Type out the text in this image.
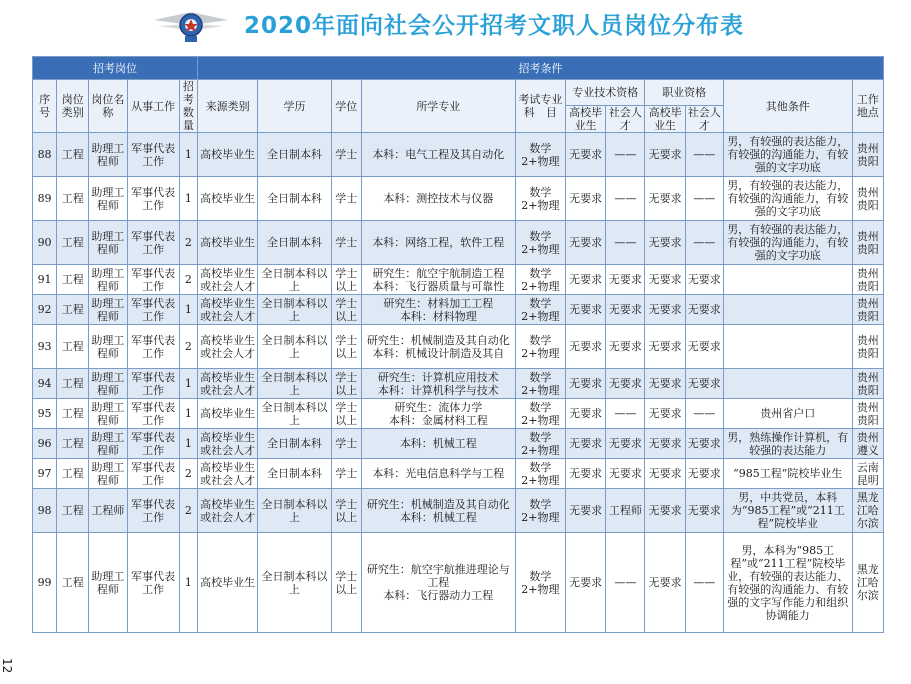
2020年面向社会公开招考文职人员岗位分布表
招考岗位					招考条件										
序号	岗位类别	岗位名称	从事工作	招考数量	来源类别	学历	学位	所学专业	考试专业科　目	专业技术资格		职业资格		其他条件	工作地点
										高校毕业生	社会人才	高校毕业生	社会人才		
88	工程	助理工程师	军事代表工作	1	高校毕业生	全日制本科	学士	本科：电气工程及其自动化	数学2+物理	无要求	——	无要求	——	男，有较强的表达能力，有较强的沟通能力，有较强的文字功底	贵州贵阳
89	工程	助理工程师	军事代表工作	1	高校毕业生	全日制本科	学士	本科：测控技术与仪器	数学2+物理	无要求	——	无要求	——	男，有较强的表达能力，有较强的沟通能力，有较强的文字功底	贵州贵阳
90	工程	助理工程师	军事代表工作	2	高校毕业生	全日制本科	学士	本科：网络工程，软件工程	数学2+物理	无要求	——	无要求	——	男，有较强的表达能力，有较强的沟通能力，有较强的文字功底	贵州贵阳
91	工程	助理工程师	军事代表工作	2	高校毕业生或社会人才	全日制本科以上	学士以上	研究生：航空宇航制造工程
本科：飞行器质量与可靠性	数学2+物理	无要求	无要求	无要求	无要求		贵州贵阳
92	工程	助理工程师	军事代表工作	1	高校毕业生或社会人才	全日制本科以上	学士以上	研究生：材料加工工程
本科：材料物理	数学2+物理	无要求	无要求	无要求	无要求		贵州贵阳
93	工程	助理工程师	军事代表工作	2	高校毕业生或社会人才	全日制本科以上	学士以上	研究生：机械制造及其自动化
本科：机械设计制造及其自	数学2+物理	无要求	无要求	无要求	无要求		贵州贵阳
94	工程	助理工程师	军事代表工作	1	高校毕业生或社会人才	全日制本科以上	学士以上	研究生：计算机应用技术
本科：计算机科学与技术	数学2+物理	无要求	无要求	无要求	无要求		贵州贵阳
95	工程	助理工程师	军事代表工作	1	高校毕业生	全日制本科以上	学士以上	研究生：流体力学
本科：金属材料工程	数学2+物理	无要求	——	无要求	——	贵州省户口	贵州贵阳
96	工程	助理工程师	军事代表工作	1	高校毕业生或社会人才	全日制本科	学士	本科：机械工程	数学2+物理	无要求	无要求	无要求	无要求	男，熟练操作计算机，有较强的表达能力	贵州遵义
97	工程	助理工程师	军事代表工作	2	高校毕业生或社会人才	全日制本科	学士	本科：光电信息科学与工程	数学2+物理	无要求	无要求	无要求	无要求	“985工程”院校毕业生	云南昆明
98	工程	工程师	军事代表工作	2	高校毕业生或社会人才	全日制本科以上	学士以上	研究生：机械制造及其自动化
本科：机械工程	数学2+物理	无要求	工程师	无要求	无要求	男，中共党员，本科为“985工程”或“211工程”院校毕业	黑龙江哈尔滨
99	工程	助理工程师	军事代表工作	1	高校毕业生	全日制本科以上	学士以上	研究生：航空宇航推进理论与工程
本科：飞行器动力工程	数学2+物理	无要求	——	无要求	——	男，本科为“985工程”或“211工程”院校毕业，有较强的表达能力、有较强的沟通能力、有较强的文字写作能力和组织协调能力	黑龙江哈尔滨
12
